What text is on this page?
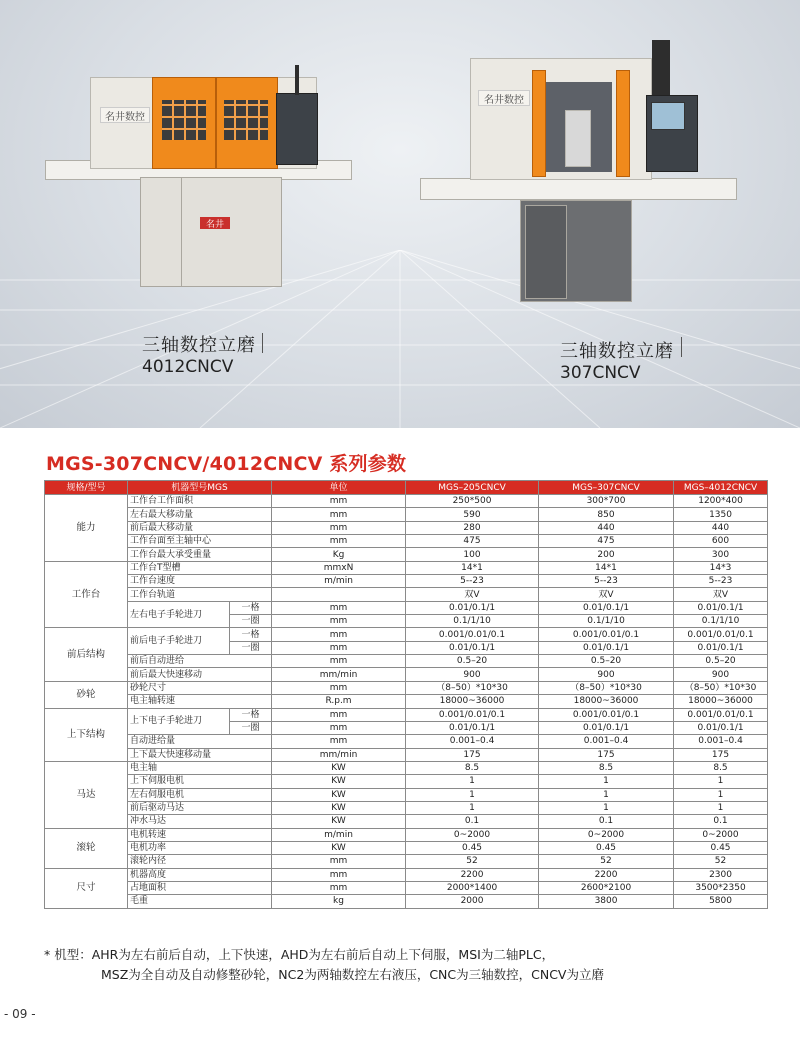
名井数控
名井
名井数控
三轴数控立磨
4012CNCV
三轴数控立磨
307CNCV
MGS-307CNCV/4012CNCV 系列参数
规格/型号	机器型号MGS		单位	MGS–205CNCV	MGS–307CNCV	MGS–4012CNCV
能力	工作台工作面积		mm	250*500	300*700	1200*400
	左右最大移动量		mm	590	850	1350
	前后最大移动量		mm	280	440	440
	工作台面至主轴中心		mm	475	475	600
	工作台最大承受重量		Kg	100	200	300
工作台	工作台T型槽		mmxN	14*1	14*1	14*3
	工作台速度		m/min	5--23	5--23	5--23
	工作台轨道			双V	双V	双V
	左右电子手轮进刀	一格	mm	0.01/0.1/1	0.01/0.1/1	0.01/0.1/1
		一圈	mm	0.1/1/10	0.1/1/10	0.1/1/10
前后结构	前后电子手轮进刀	一格	mm	0.001/0.01/0.1	0.001/0.01/0.1	0.001/0.01/0.1
		一圈	mm	0.01/0.1/1	0.01/0.1/1	0.01/0.1/1
	前后自动进给		mm	0.5–20	0.5–20	0.5–20
	前后最大快速移动		mm/min	900	900	900
砂轮	砂轮尺寸		mm	（8–50）*10*30	（8–50）*10*30	（8–50）*10*30
	电主轴转速		R.p.m	18000~36000	18000~36000	18000~36000
上下结构	上下电子手轮进刀	一格	mm	0.001/0.01/0.1	0.001/0.01/0.1	0.001/0.01/0.1
		一圈	mm	0.01/0.1/1	0.01/0.1/1	0.01/0.1/1
	自动进给量		mm	0.001–0.4	0.001–0.4	0.001–0.4
	上下最大快速移动量		mm/min	175	175	175
马达	电主轴		KW	8.5	8.5	8.5
	上下伺服电机		KW	1	1	1
	左右伺服电机		KW	1	1	1
	前后驱动马达		KW	1	1	1
	冲水马达		KW	0.1	0.1	0.1
滚轮	电机转速		m/min	0~2000	0~2000	0~2000
	电机功率		KW	0.45	0.45	0.45
	滚轮内径		mm	52	52	52
尺寸	机器高度		mm	2200	2200	2300
	占地面积		mm	2000*1400	2600*2100	3500*2350
	毛重		kg	2000	3800	5800
* 机型：AHR为左右前后自动，上下快速，AHD为左右前后自动上下伺服，MSI为二轴PLC，
MSZ为全自动及自动修整砂轮，NC2为两轴数控左右液压，CNC为三轴数控，CNCV为立磨
- 09 -
